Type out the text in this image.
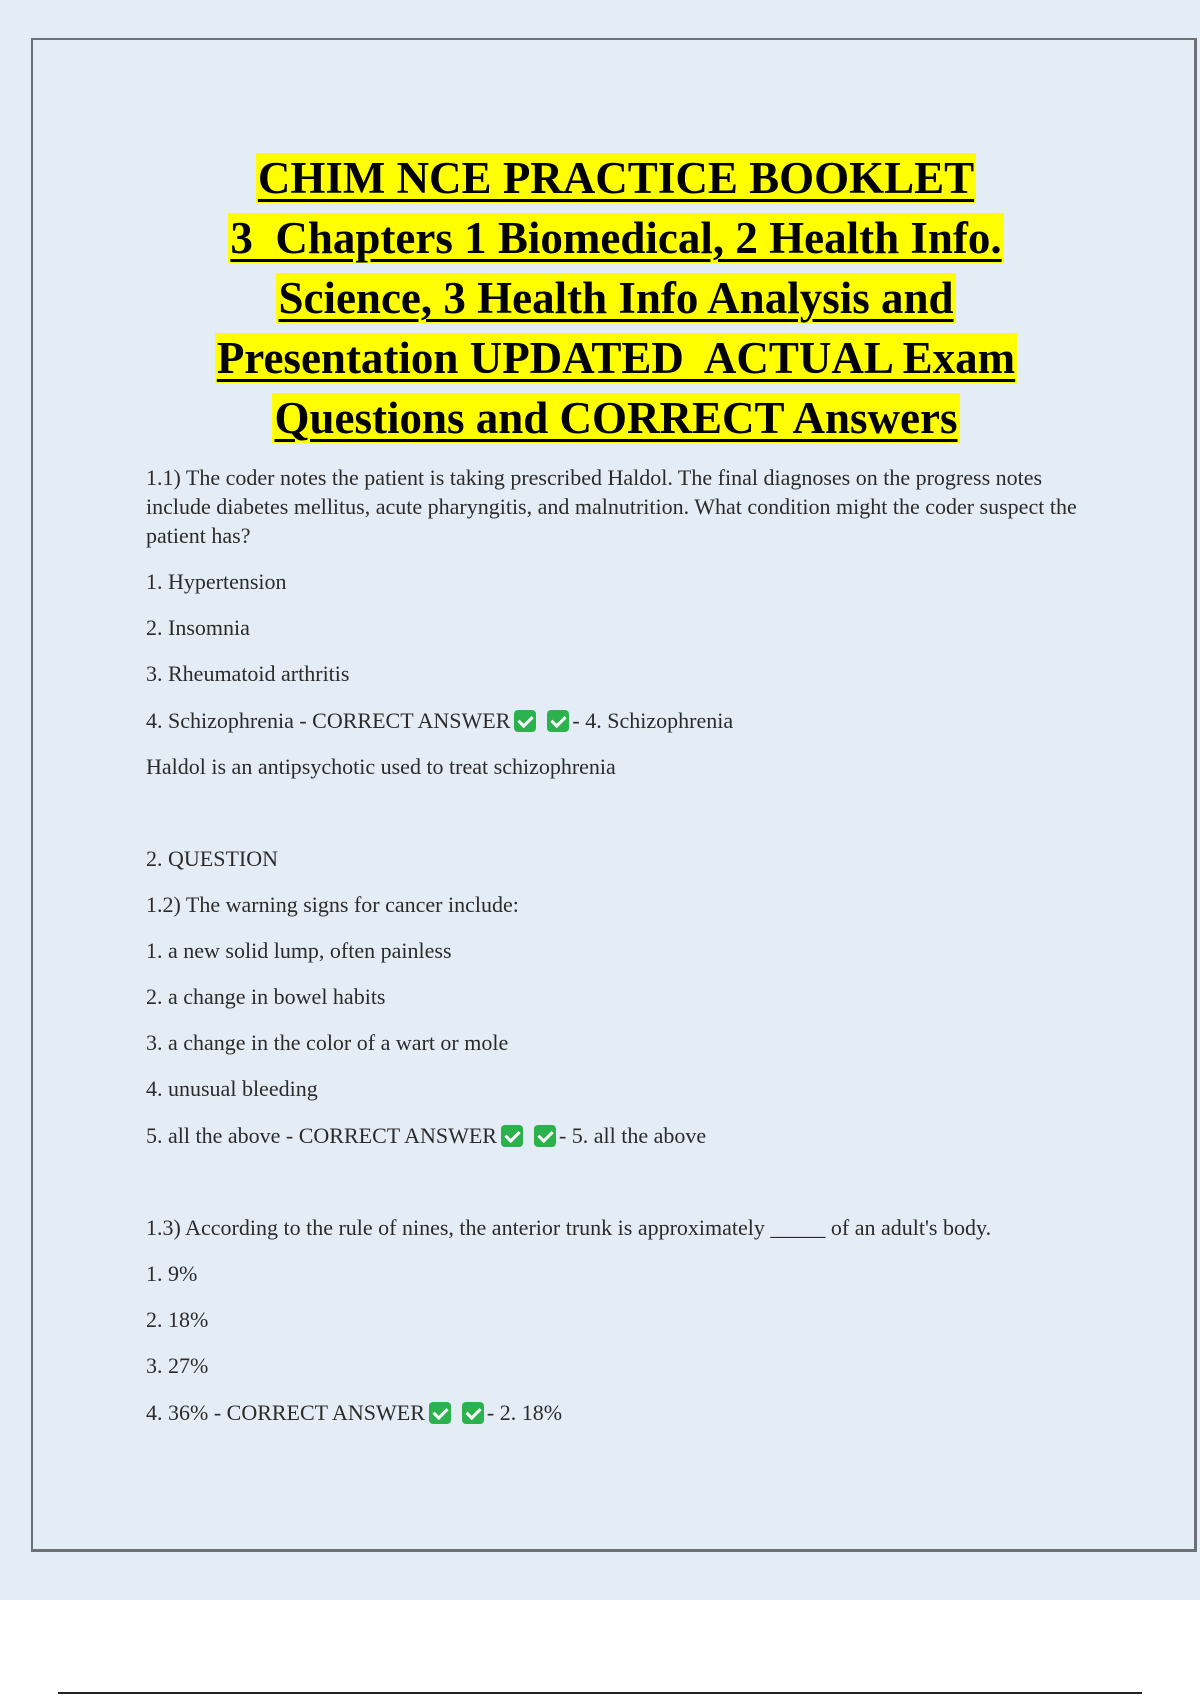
CHIM NCE PRACTICE BOOKLET
3  Chapters 1 Biomedical, 2 Health Info.
Science, 3 Health Info Analysis and
Presentation UPDATED  ACTUAL Exam
Questions and CORRECT Answers

1.1) The coder notes the patient is taking prescribed Haldol. The final diagnoses on the progress notes include diabetes mellitus, acute pharyngitis, and malnutrition. What condition might the coder suspect the patient has?

1. Hypertension

2. Insomnia

3. Rheumatoid arthritis

4. Schizophrenia - CORRECT ANSWER	- 4. Schizophrenia

Haldol is an antipsychotic used to treat schizophrenia

2. QUESTION

1.2) The warning signs for cancer include:

1. a new solid lump, often painless

2. a change in bowel habits

3. a change in the color of a wart or mole

4. unusual bleeding

5. all the above - CORRECT ANSWER	- 5. all the above

1.3) According to the rule of nines, the anterior trunk is approximately _____ of an adult's body.

1. 9%

2. 18%

3. 27%

4. 36% - CORRECT ANSWER	- 2. 18%
